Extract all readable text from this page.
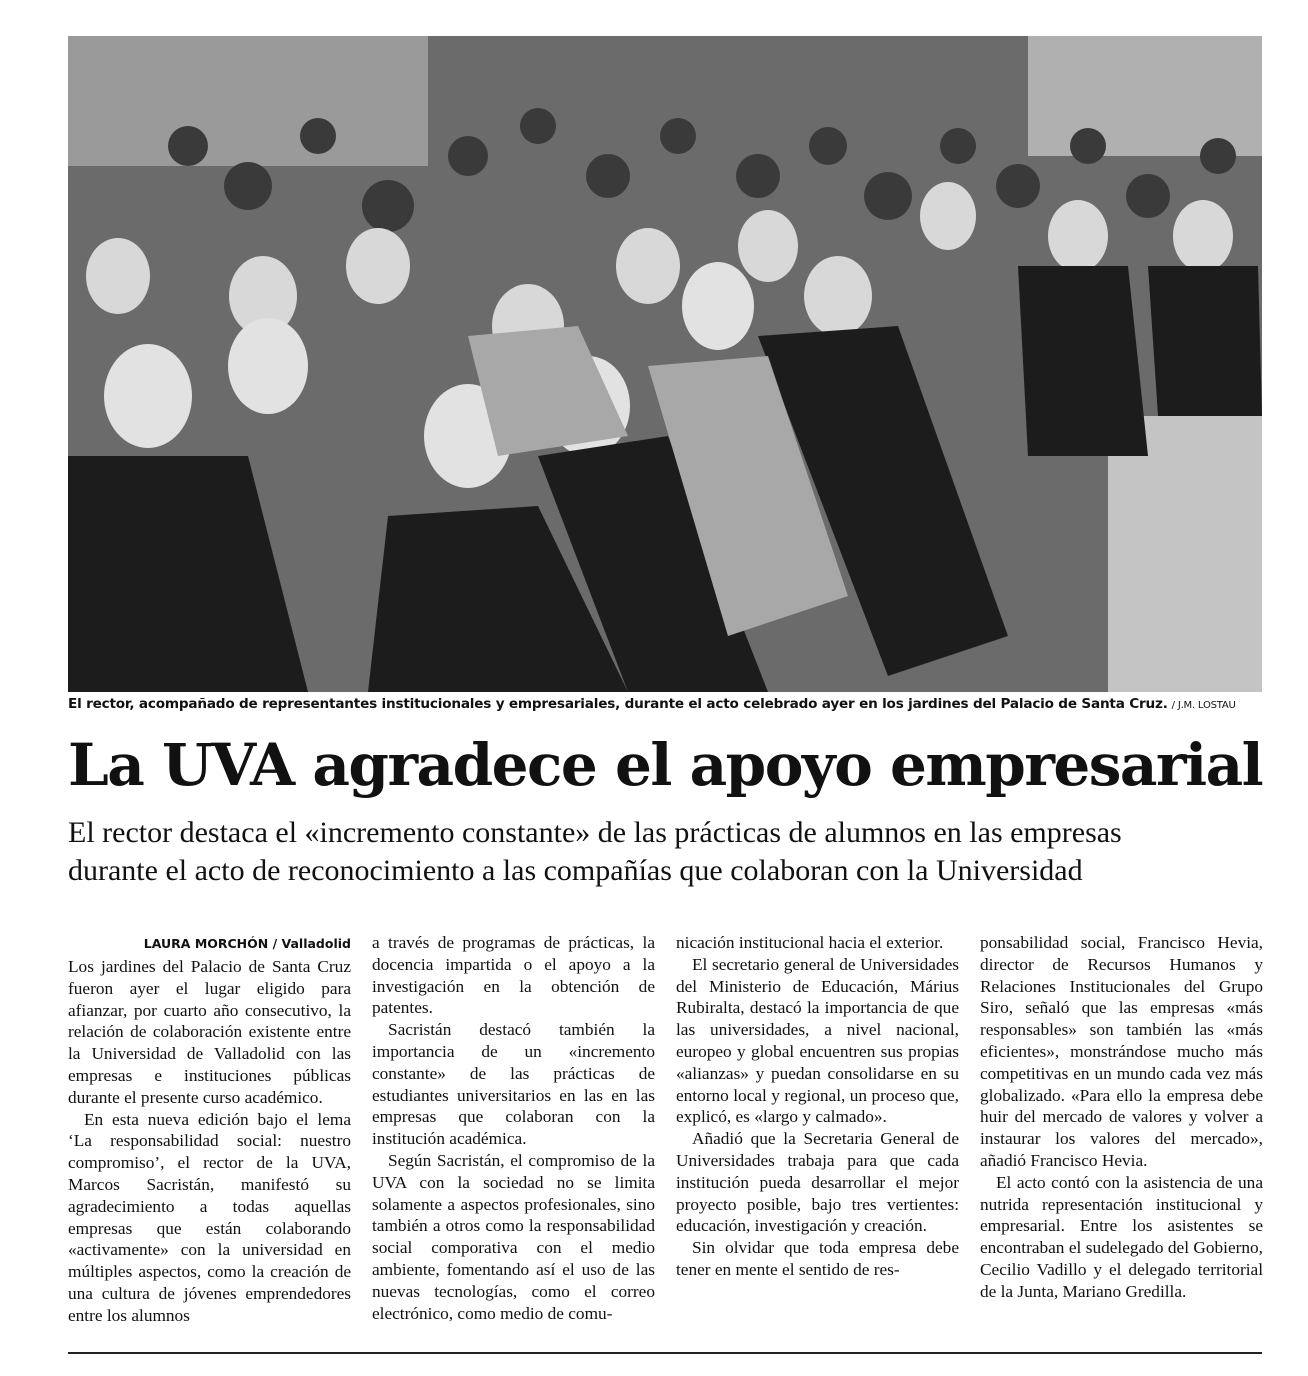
El rector, acompañado de representantes institucionales y empresariales, durante el acto celebrado ayer en los jardines del Palacio de Santa Cruz. / J.M. LOSTAU
La UVA agradece el apoyo empresarial
El rector destaca el «incremento constante» de las prácticas de alumnos en las empresas
durante el acto de reconocimiento a las compañías que colaboran con la Universidad
LAURA MORCHÓN / Valladolid

Los jardines del Palacio de Santa Cruz fueron ayer el lugar eligido para afianzar, por cuarto año consecutivo, la relación de colaboración existente entre la Universidad de Valladolid con las empresas e instituciones públicas durante el presente curso académico.

En esta nueva edición bajo el lema ‘La responsabilidad social: nuestro compromiso’, el rector de la UVA, Marcos Sacristán, manifestó su agradecimiento a todas aquellas empresas que están colaborando «activamente» con la universidad en múltiples aspectos, como la creación de una cultura de jóvenes emprendedores entre los alumnos

a través de programas de prácticas, la docencia impartida o el apoyo a la investigación en la obtención de patentes.

Sacristán destacó también la importancia de un «incremento constante» de las prácticas de estudiantes universitarios en las en las empresas que colaboran con la institución académica.

Según Sacristán, el compromiso de la UVA con la sociedad no se limita solamente a aspectos profesionales, sino también a otros como la responsabilidad social comporativa con el medio ambiente, fomentando así el uso de las nuevas tecnologías, como el correo electrónico, como medio de comu-

nicación institucional hacia el exterior.

El secretario general de Universidades del Ministerio de Educación, Márius Rubiralta, destacó la importancia de que las universidades, a nivel nacional, europeo y global encuentren sus propias «alianzas» y puedan consolidarse en su entorno local y regional, un proceso que, explicó, es «largo y calmado».

Añadió que la Secretaria General de Universidades trabaja para que cada institución pueda desarrollar el mejor proyecto posible, bajo tres vertientes: educación, investigación y creación.

Sin olvidar que toda empresa debe tener en mente el sentido de res-

ponsabilidad social, Francisco Hevia, director de Recursos Humanos y Relaciones Institucionales del Grupo Siro, señaló que las empresas «más responsables» son también las «más eficientes», monstrándose mucho más competitivas en un mundo cada vez más globalizado. «Para ello la empresa debe huir del mercado de valores y volver a instaurar los valores del mercado», añadió Francisco Hevia.

El acto contó con la asistencia de una nutrida representación institucional y empresarial. Entre los asistentes se encontraban el sudelegado del Gobierno, Cecilio Vadillo y el delegado territorial de la Junta, Mariano Gredilla.
